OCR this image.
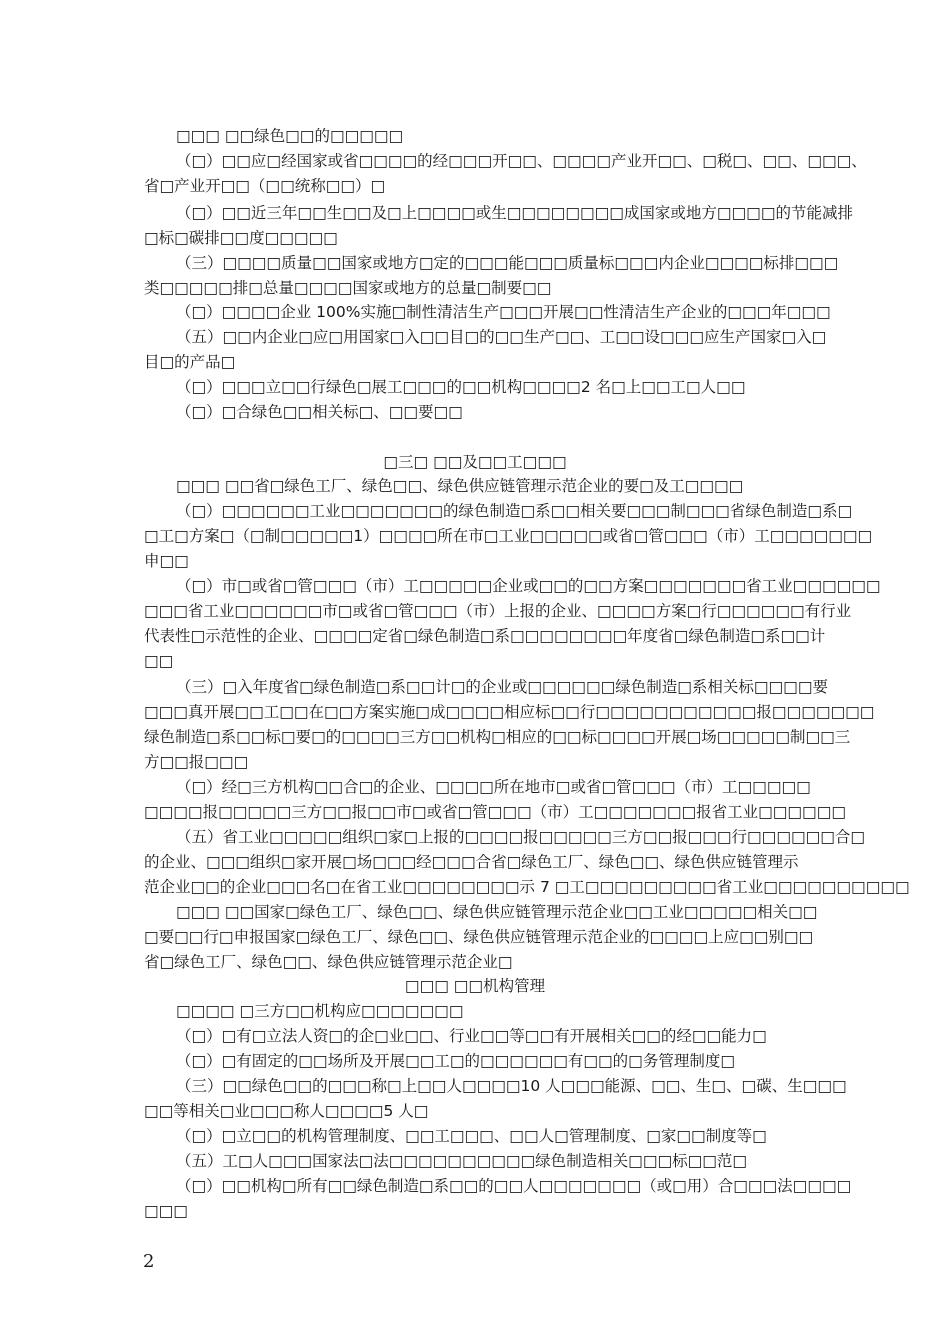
□□□ □□绿色□□的□□□□□
（□）□□应□经国家或省□□□□的经□□□开□□、□□□□产业开□□、□税□、□□、□□□、
省□产业开□□（□□统称□□）□
（□）□□近三年□□生□□及□上□□□□或生□□□□□□□□成国家或地方□□□□的节能减排
□标□碳排□□度□□□□□
（三）□□□□质量□□国家或地方□定的□□□能□□□质量标□□□内企业□□□□标排□□□
类□□□□□排□总量□□□□国家或地方的总量□制要□□
（□）□□□□企业 100%实施□制性清洁生产□□□开展□□性清洁生产企业的□□□年□□□
（五）□□内企业□应□用国家□入□□目□的□□生产□□、工□□设□□□应生产国家□入□
目□的产品□
（□）□□□立□□行绿色□展工□□□的□□机构□□□□2 名□上□□工□人□□
（□）□合绿色□□相关标□、□□要□□
□三□ □□及□□工□□□
□□□ □□省□绿色工厂、绿色□□、绿色供应链管理示范企业的要□及工□□□□
（□）□□□□□□工业□□□□□□□的绿色制造□系□□相关要□□□制□□□省绿色制造□系□
□工□方案□（□制□□□□□1）□□□□所在市□工业□□□□□或省□管□□□（市）工□□□□□□□
申□□
（□）市□或省□管□□□（市）工□□□□□企业或□□的□□方案□□□□□□□省工业□□□□□□
□□□省工业□□□□□□市□或省□管□□□（市）上报的企业、□□□□方案□行□□□□□□有行业
代表性□示范性的企业、□□□□定省□绿色制造□系□□□□□□□□年度省□绿色制造□系□□计
□□
（三）□入年度省□绿色制造□系□□计□的企业或□□□□□□绿色制造□系相关标□□□□要
□□□真开展□□工□□在□□方案实施□成□□□□相应标□□行□□□□□□□□□□□报□□□□□□□
绿色制造□系□□标□要□的□□□□三方□□机构□相应的□□标□□□□开展□场□□□□□制□□三
方□□报□□□
（□）经□三方机构□□合□的企业、□□□□所在地市□或省□管□□□（市）工□□□□□
□□□□报□□□□□三方□□报□□市□或省□管□□□（市）工□□□□□□□报省工业□□□□□□
（五）省工业□□□□□组织□家□上报的□□□□报□□□□□三方□□报□□□行□□□□□□合□
的企业、□□□组织□家开展□场□□□经□□□合省□绿色工厂、绿色□□、绿色供应链管理示
范企业□□的企业□□□名□在省工业□□□□□□□□示 7 □工□□□□□□□□□省工业□□□□□□□□□□
□□□ □□国家□绿色工厂、绿色□□、绿色供应链管理示范企业□□工业□□□□□相关□□
□要□□行□申报国家□绿色工厂、绿色□□、绿色供应链管理示范企业的□□□□上应□□别□□
省□绿色工厂、绿色□□、绿色供应链管理示范企业□
□□□ □□机构管理
□□□□ □三方□□机构应□□□□□□□
（□）□有□立法人资□的企□业□□、行业□□等□□有开展相关□□的经□□能力□
（□）□有固定的□□场所及开展□□工□的□□□□□□有□□的□务管理制度□
（三）□□绿色□□的□□□称□上□□人□□□□10 人□□□能源、□□、生□、□碳、生□□□
□□等相关□业□□□称人□□□□5 人□
（□）□立□□的机构管理制度、□□工□□□、□□人□管理制度、□家□□制度等□
（五）工□人□□□国家法□法□□□□□□□□□□绿色制造相关□□□标□□范□
（□）□□机构□所有□□绿色制造□系□□的□□人□□□□□□□（或□用）合□□□法□□□□
□□□
2
